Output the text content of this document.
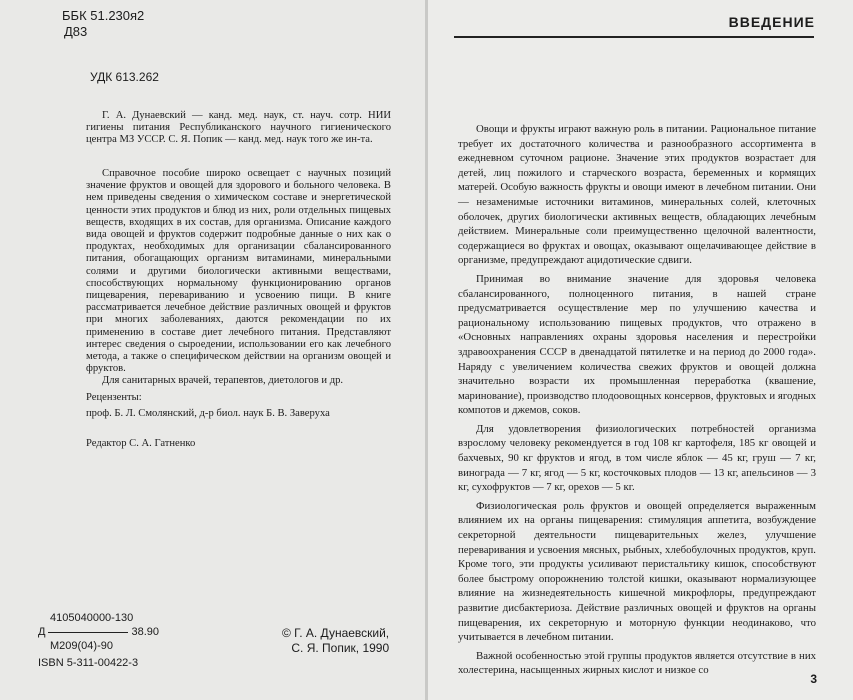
ББК 51.230я2
Д83
УДК 613.262

Г. А. Дунаевский — канд. мед. наук, ст. науч. сотр. НИИ гигиены питания Республиканского научного гигиенического центра МЗ УССР. С. Я. Попик — канд. мед. наук того же ин-та.

Справочное пособие широко освещает с научных позиций значение фруктов и овощей для здорового и больного человека. В нем приведены сведения о химическом составе и энергетической ценности этих продуктов и блюд из них, роли отдельных пищевых веществ, входящих в их состав, для организма. Описание каждого вида овощей и фруктов содержит подробные данные о них как о продуктах, необходимых для организации сбалансированного питания, обогащающих организм витаминами, минеральными солями и другими биологически активными веществами, способствующих нормальному функционированию органов пищеварения, перевариванию и усвоению пищи. В книге рассматривается лечебное действие различных овощей и фруктов при многих заболеваниях, даются рекомендации по их применению в составе диет лечебного питания. Представляют интерес сведения о сыроедении, использовании его как лечебного метода, а также о специфическом действии на организм овощей и фруктов.

Для санитарных врачей, терапевтов, диетологов и др.

Рецензенты:

проф. Б. Л. Смолянский, д-р биол. наук Б. В. Заверуха

Редактор С. А. Гатненко

4105040000-130
Д	38.90
М209(04)-90
ISBN 5-311-00422-3
© Г. А. Дунаевский,
С. Я. Попик, 1990
ВВЕДЕНИЕ

Овощи и фрукты играют важную роль в питании. Рациональное питание требует их достаточного количества и разнообразного ассортимента в ежедневном суточном рационе. Значение этих продуктов возрастает для детей, лиц пожилого и старческого возраста, беременных и кормящих матерей. Особую важность фрукты и овощи имеют в лечебном питании. Они — незаменимые источники витаминов, минеральных солей, клеточных оболочек, других биологически активных веществ, обладающих лечебным действием. Минеральные соли преимущественно щелочной валентности, содержащиеся во фруктах и овощах, оказывают ощелачивающее действие в организме, предупреждают ацидотические сдвиги.

Принимая во внимание значение для здоровья человека сбалансированного, полноценного питания, в нашей стране предусматривается осуществление мер по улучшению качества и рациональному использованию пищевых продуктов, что отражено в «Основных направлениях охраны здоровья населения и перестройки здравоохранения СССР в двенадцатой пятилетке и на период до 2000 года». Наряду с увеличением количества свежих фруктов и овощей должна значительно возрасти их промышленная переработка (квашение, маринование), производство плодоовощных консервов, фруктовых и ягодных компотов и джемов, соков.

Для удовлетворения физиологических потребностей организма взрослому человеку рекомендуется в год 108 кг картофеля, 185 кг овощей и бахчевых, 90 кг фруктов и ягод, в том числе яблок — 45 кг, груш — 7 кг, винограда — 7 кг, ягод — 5 кг, косточковых плодов — 13 кг, апельсинов — 3 кг, сухофруктов — 7 кг, орехов — 5 кг.

Физиологическая роль фруктов и овощей определяется выраженным влиянием их на органы пищеварения: стимуляция аппетита, возбуждение секреторной деятельности пищеварительных желез, улучшение переваривания и усвоения мясных, рыбных, хлебобулочных продуктов, круп. Кроме того, эти продукты усиливают перистальтику кишок, способствуют более быстрому опорожнению толстой кишки, оказывают нормализующее влияние на жизнедеятельность кишечной микрофлоры, предупреждают развитие дисбактериоза. Действие различных овощей и фруктов на органы пищеварения, их секреторную и моторную функции неодинаково, что учитывается в лечебном питании.

Важной особенностью этой группы продуктов является отсутствие в них холестерина, насыщенных жирных кислот и низкое со

3
